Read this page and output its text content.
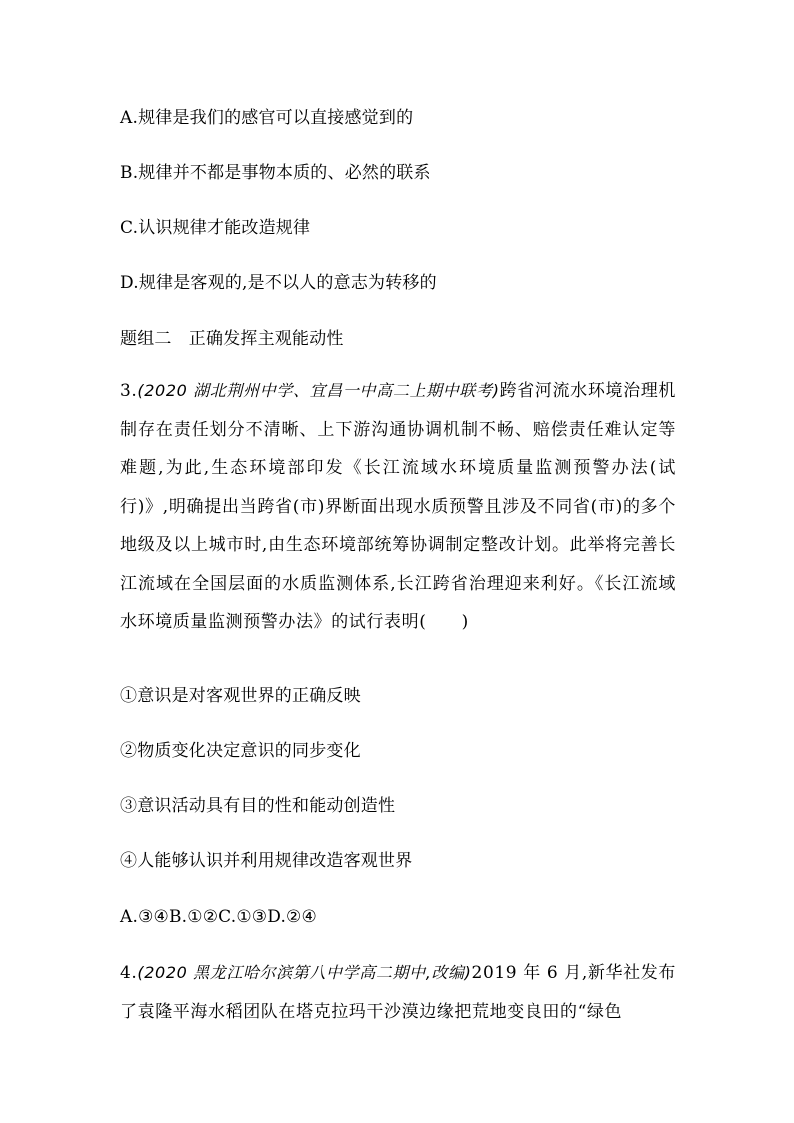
A.规律是我们的感官可以直接感觉到的
B.规律并不都是事物本质的、必然的联系
C.认识规律才能改造规律
D.规律是客观的,是不以人的意志为转移的
题组二　正确发挥主观能动性
3.(2020 湖北荆州中学、宜昌一中高二上期中联考)跨省河流水环境治理机制存在责任划分不清晰、上下游沟通协调机制不畅、赔偿责任难认定等难题,为此,生态环境部印发《长江流域水环境质量监测预警办法(试行)》,明确提出当跨省(市)界断面出现水质预警且涉及不同省(市)的多个地级及以上城市时,由生态环境部统筹协调制定整改计划。此举将完善长江流域在全国层面的水质监测体系,长江跨省治理迎来利好。《长江流域水环境质量监测预警办法》的试行表明(　　)
①意识是对客观世界的正确反映
②物质变化决定意识的同步变化
③意识活动具有目的性和能动创造性
④人能够认识并利用规律改造客观世界
A.③④B.①②C.①③D.②④
4.(2020 黑龙江哈尔滨第八中学高二期中,改编)2019 年 6 月,新华社发布了袁隆平海水稻团队在塔克拉玛干沙漠边缘把荒地变良田的“绿色
